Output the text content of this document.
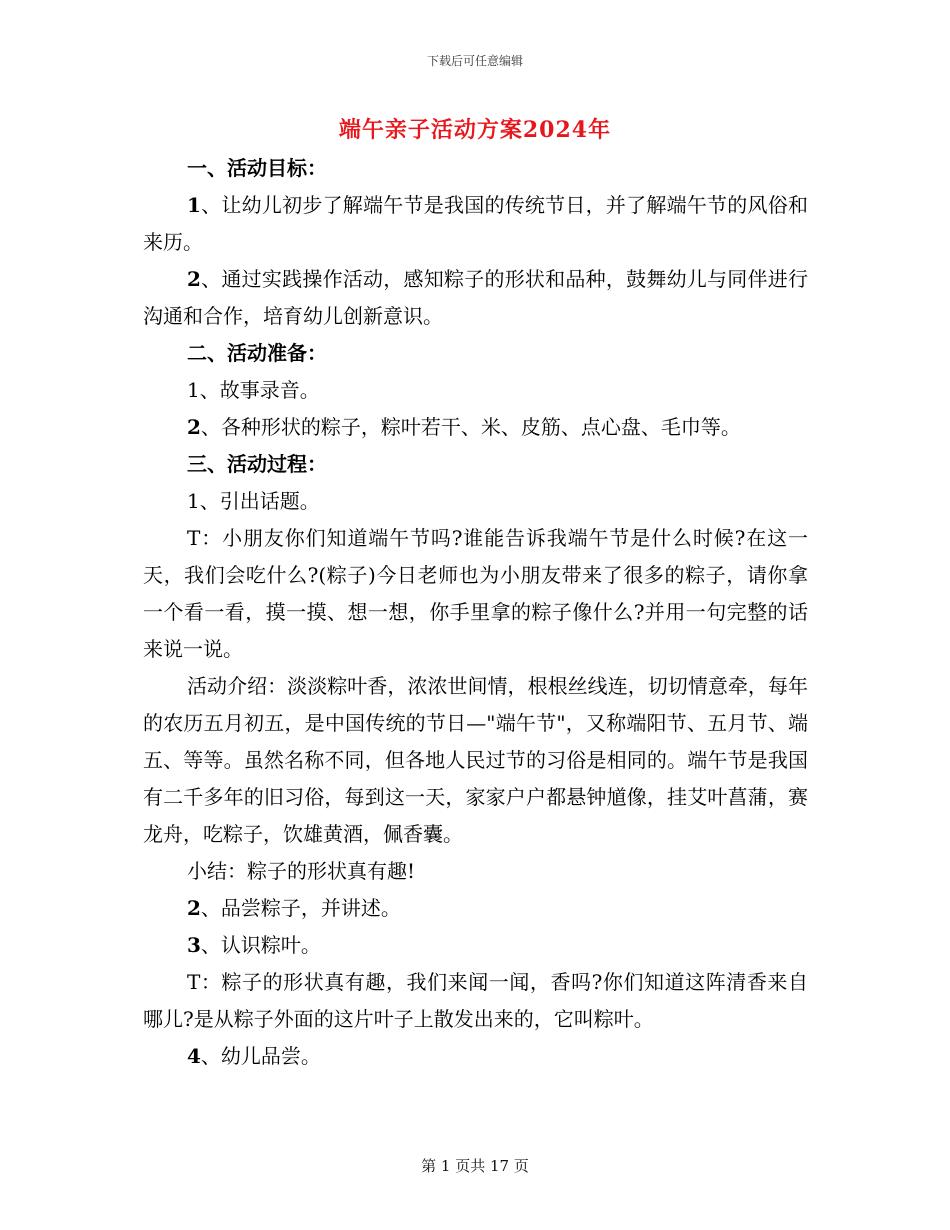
下载后可任意编辑
端午亲子活动方案2024年

一、活动目标：

1、让幼儿初步了解端午节是我国的传统节日，并了解端午节的风俗和来历。

2、通过实践操作活动，感知粽子的形状和品种，鼓舞幼儿与同伴进行沟通和合作，培育幼儿创新意识。

二、活动准备：

1、故事录音。

2、各种形状的粽子，粽叶若干、米、皮筋、点心盘、毛巾等。

三、活动过程：

1、引出话题。

T：小朋友你们知道端午节吗?谁能告诉我端午节是什么时候?在这一天，我们会吃什么?(粽子)今日老师也为小朋友带来了很多的粽子，请你拿一个看一看，摸一摸、想一想，你手里拿的粽子像什么?并用一句完整的话来说一说。

活动介绍：淡淡粽叶香，浓浓世间情，根根丝线连，切切情意牵，每年的农历五月初五，是中国传统的节日—"端午节"，又称端阳节、五月节、端五、等等。虽然名称不同，但各地人民过节的习俗是相同的。端午节是我国有二千多年的旧习俗，每到这一天，家家户户都悬钟馗像，挂艾叶菖蒲，赛龙舟，吃粽子，饮雄黄酒，佩香囊。

小结：粽子的形状真有趣!

2、品尝粽子，并讲述。

3、认识粽叶。

T：粽子的形状真有趣，我们来闻一闻，香吗?你们知道这阵清香来自哪儿?是从粽子外面的这片叶子上散发出来的，它叫粽叶。

4、幼儿品尝。

第 1 页共 17 页
